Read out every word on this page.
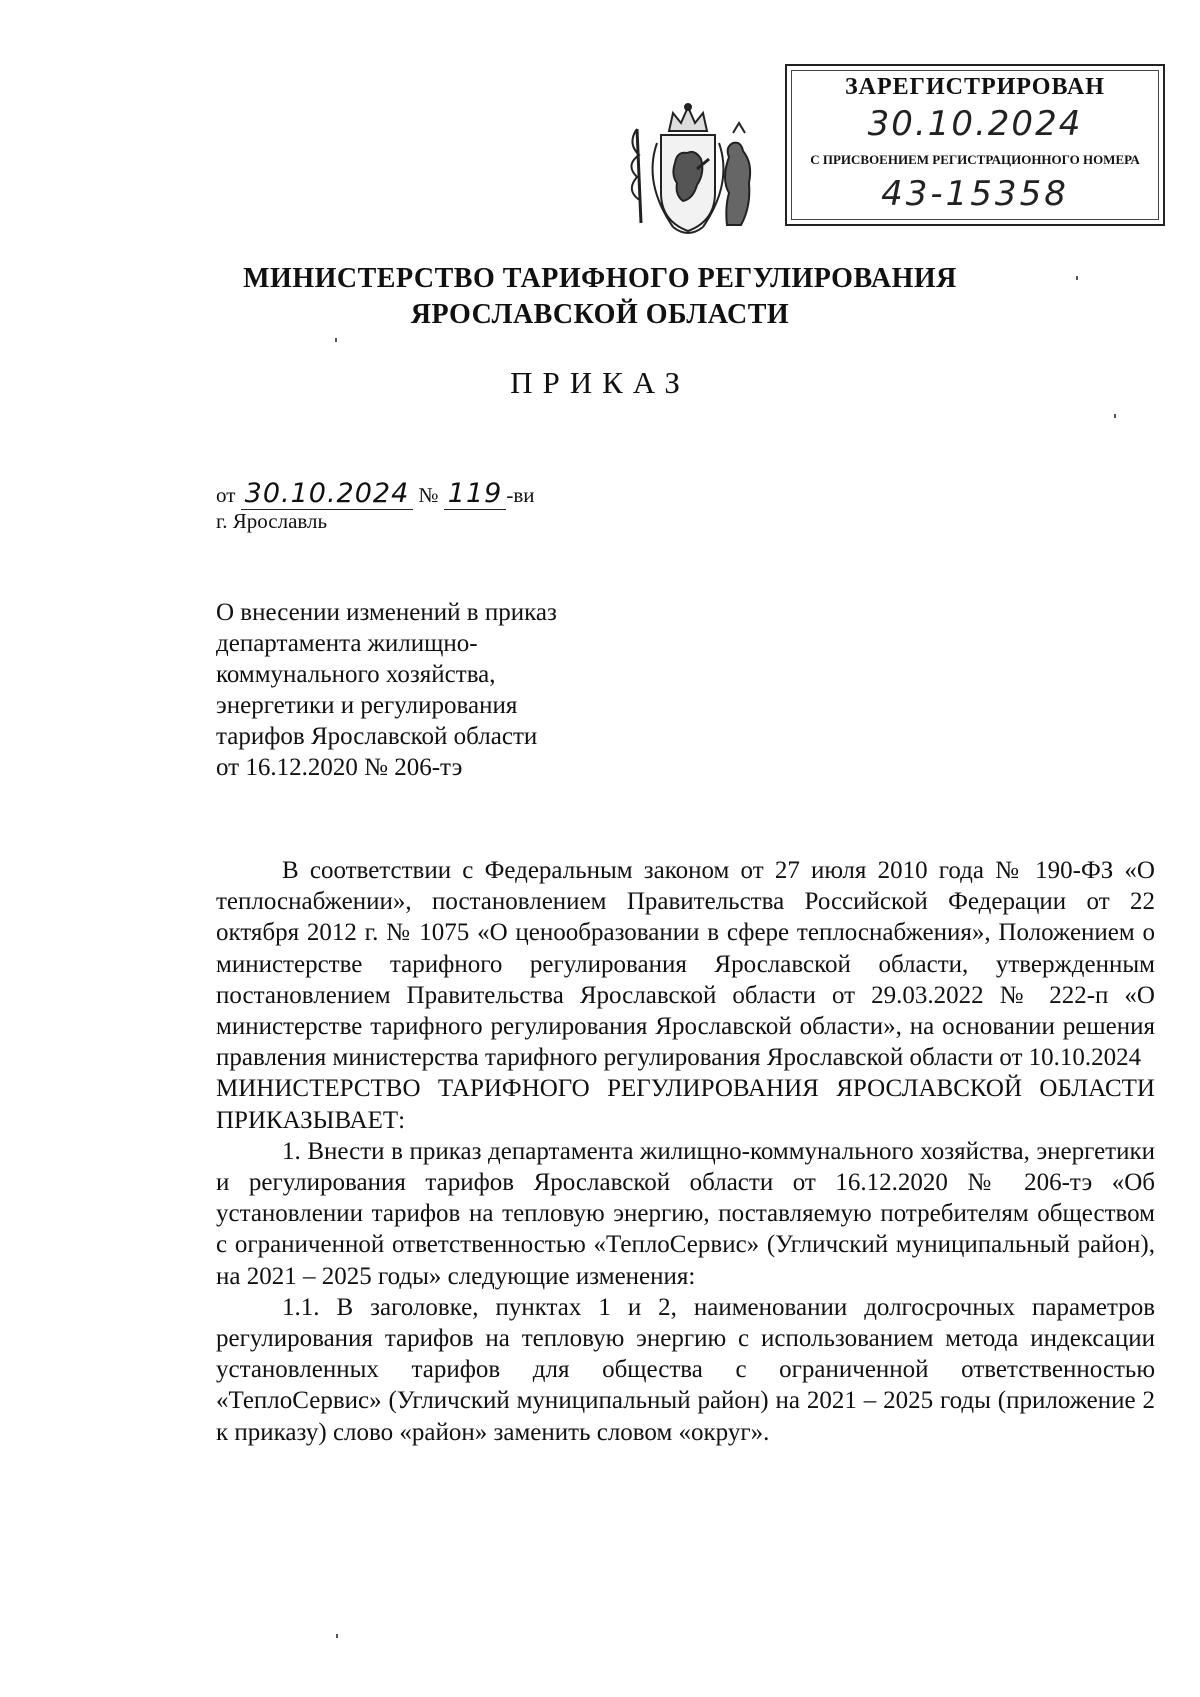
ЗАРЕГИСТРИРОВАН
30.10.2024
С ПРИСВОЕНИЕМ РЕГИСТРАЦИОННОГО НОМЕРА
43-15358
МИНИСТЕРСТВО ТАРИФНОГО РЕГУЛИРОВАНИЯ
ЯРОСЛАВСКОЙ ОБЛАСТИ
ПРИКАЗ
от 30.10.2024 № 119 -ви
г. Ярославль
О внесении изменений в приказ
департамента жилищно-
коммунального хозяйства,
энергетики и регулирования
тарифов Ярославской области
от 16.12.2020 № 206-тэ

В соответствии с Федеральным законом от 27 июля 2010 года № 190-ФЗ «О теплоснабжении», постановлением Правительства Российской Федерации от 22 октября 2012 г. № 1075 «О ценообразовании в сфере теплоснабжения», Положением о министерстве тарифного регулирования Ярославской области, утвержденным постановлением Правительства Ярославской области от 29.03.2022 № 222-п «О министерстве тарифного регулирования Ярославской области», на основании решения правления министерства тарифного регулирования Ярославской области от 10.10.2024

МИНИСТЕРСТВО ТАРИФНОГО РЕГУЛИРОВАНИЯ ЯРОСЛАВСКОЙ ОБЛАСТИ ПРИКАЗЫВАЕТ:

1. Внести в приказ департамента жилищно-коммунального хозяйства, энергетики и регулирования тарифов Ярославской области от 16.12.2020 № 206-тэ «Об установлении тарифов на тепловую энергию, поставляемую потребителям обществом с ограниченной ответственностью «ТеплоСервис» (Угличский муниципальный район), на 2021 – 2025 годы» следующие изменения:

1.1. В заголовке, пунктах 1 и 2, наименовании долгосрочных параметров регулирования тарифов на тепловую энергию с использованием метода индексации установленных тарифов для общества с ограниченной ответственностью «ТеплоСервис» (Угличский муниципальный район) на 2021 – 2025 годы (приложение 2 к приказу) слово «район» заменить словом «округ».
